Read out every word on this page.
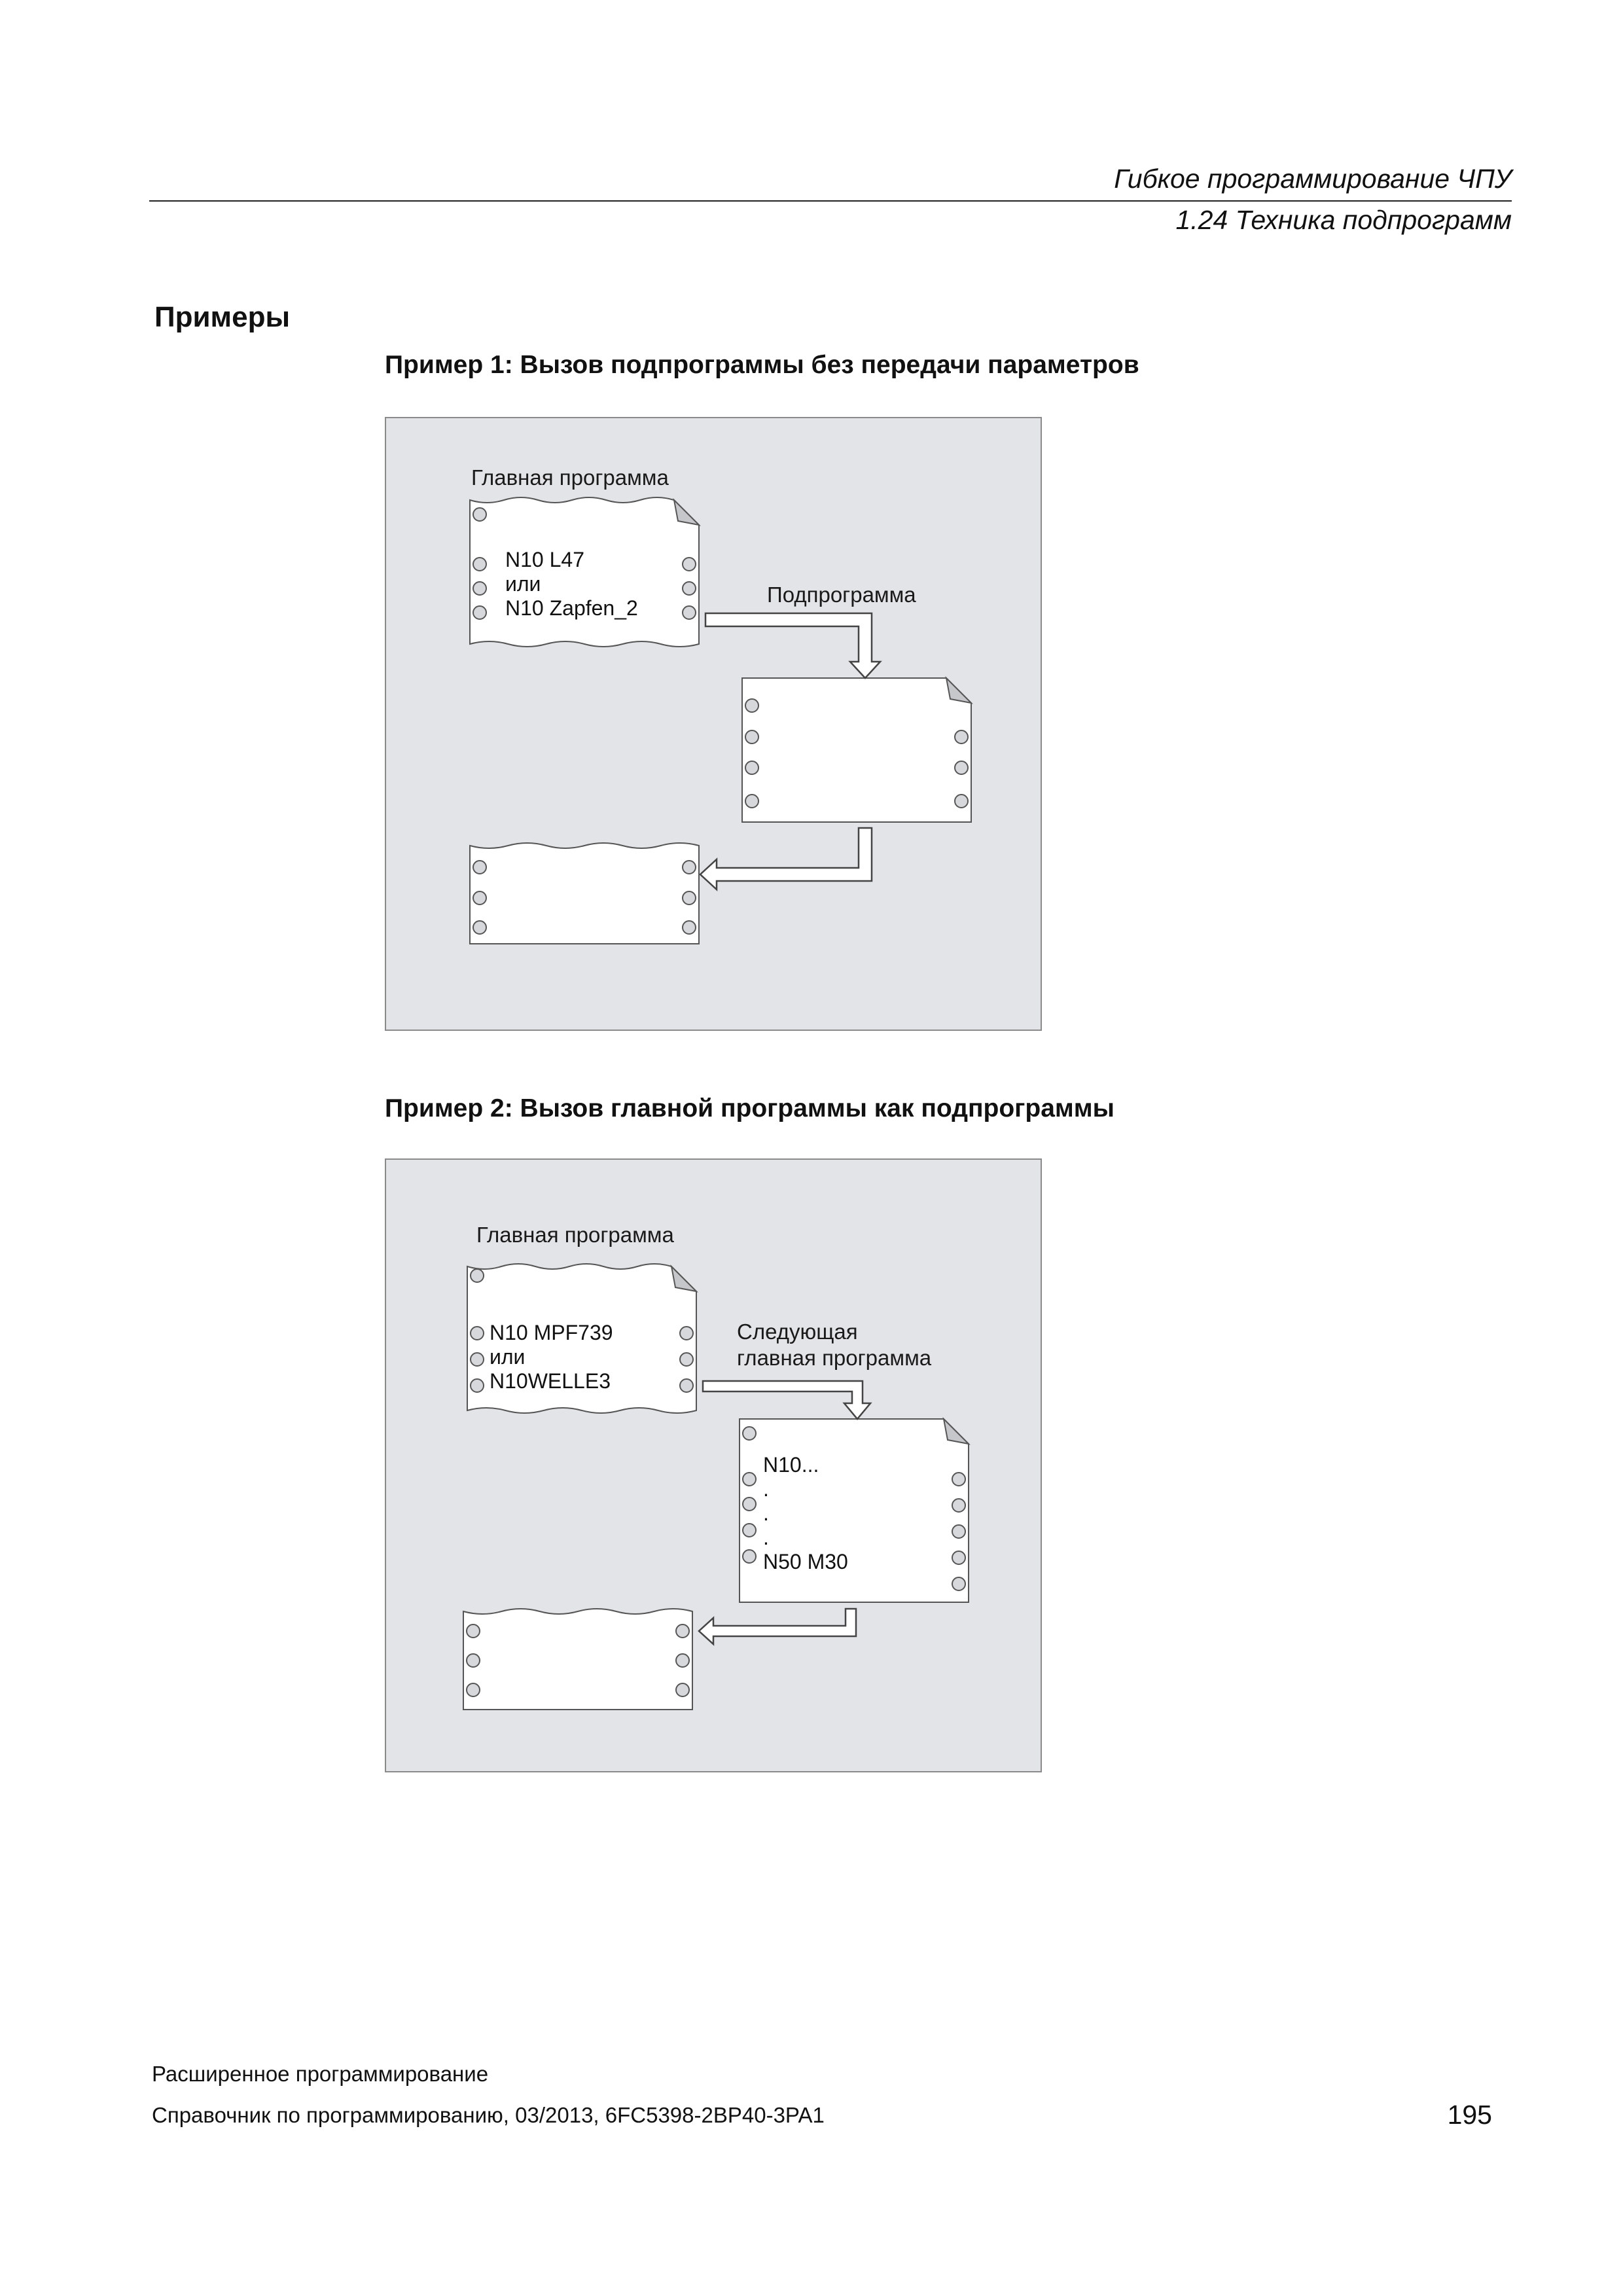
Гибкое программирование ЧПУ
1.24 Техника подпрограмм
Примеры
Пример 1: Вызов подпрограммы без передачи параметров
Главная программа
Подпрограмма
N10 L47
или
N10 Zapfen_2
Пример 2: Вызов главной программы как подпрограммы
Главная программа
Следующая
главная программа
N10 MPF739
или
N10WELLE3
N10...
.
.
.
N50 M30
Расширенное программирование
Справочник по программированию, 03/2013, 6FC5398-2BP40-3PA1	195
